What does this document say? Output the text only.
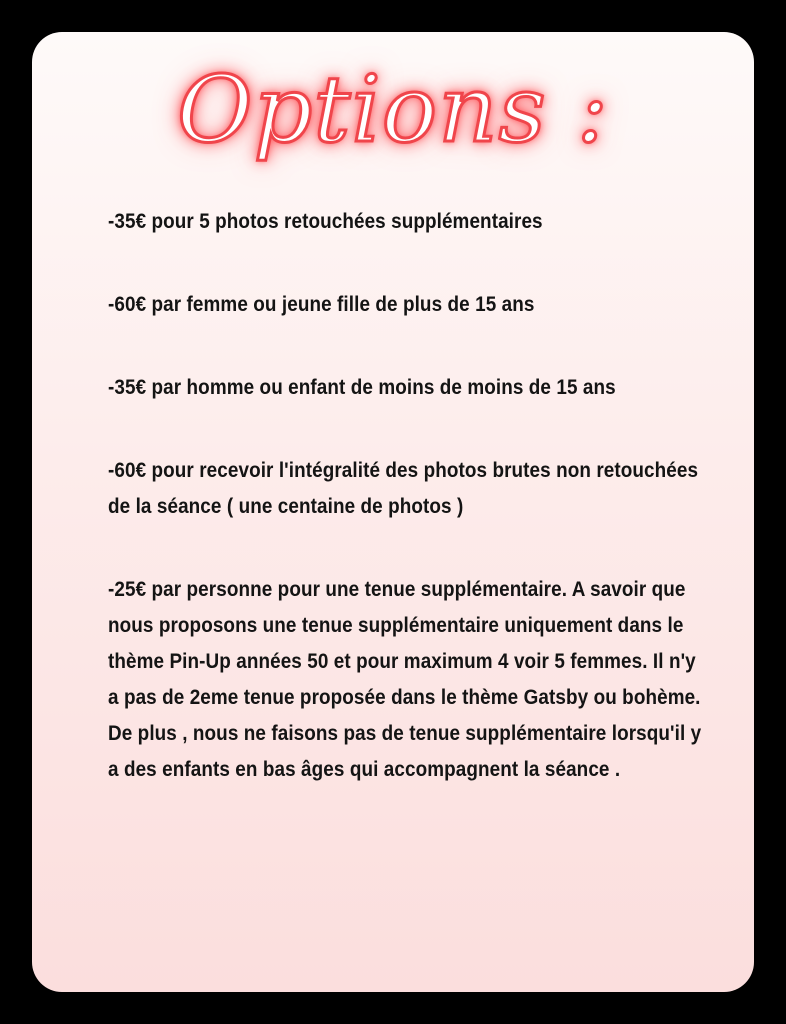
Options :
-35€ pour 5 photos retouchées supplémentaires
-60€ par femme ou jeune fille de plus de 15 ans
-35€ par homme ou enfant de moins de moins de 15 ans
-60€ pour recevoir l'intégralité des photos brutes non retouchées de la séance ( une centaine de photos )
-25€ par personne pour une tenue supplémentaire. A savoir que nous proposons une tenue supplémentaire uniquement dans le thème Pin-Up années 50 et pour maximum 4 voir 5 femmes. Il n'y a pas de 2eme tenue proposée dans le thème Gatsby ou bohème. De plus , nous ne faisons pas de tenue supplémentaire lorsqu'il y a des enfants en bas âges qui accompagnent la séance .
